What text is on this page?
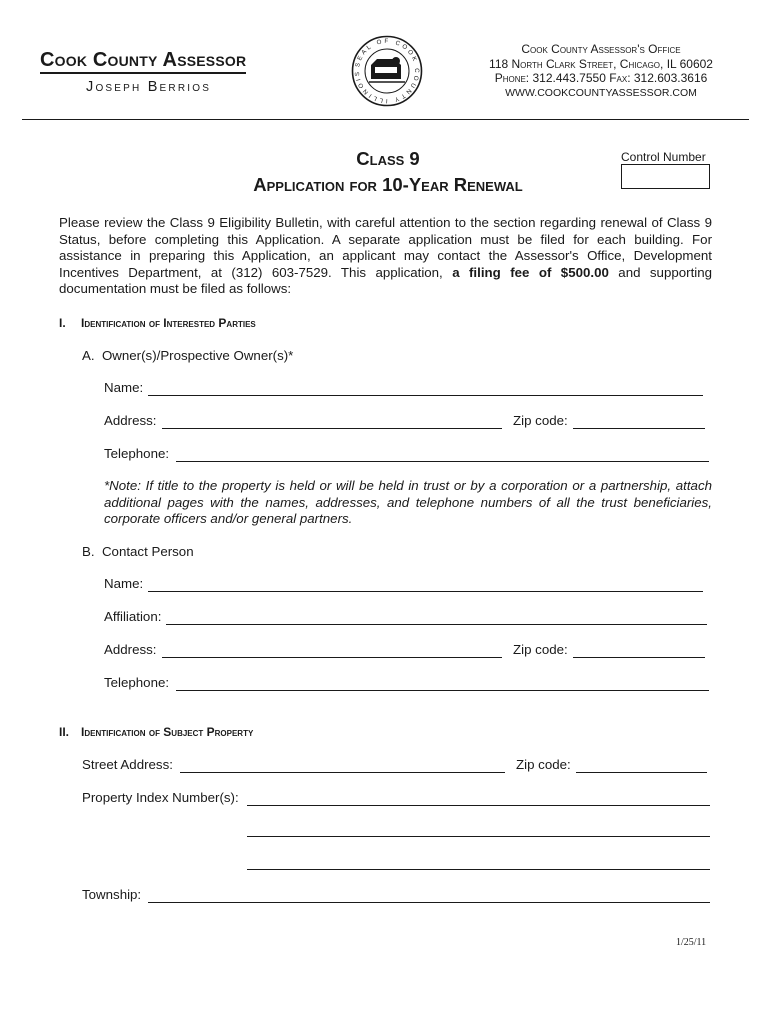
Cook County Assessor
Joseph Berrios
SEAL OF COOK COUNTY ILLINOIS
Cook County Assessor's Office
118 North Clark Street, Chicago, IL 60602
Phone: 312.443.7550 Fax: 312.603.3616
WWW.COOKCOUNTYASSESSOR.COM
Class 9
Application for 10-Year Renewal
Control Number
Please review the Class 9 Eligibility Bulletin, with careful attention to the section regarding renewal of Class 9 Status, before completing this Application. A separate application must be filed for each building. For assistance in preparing this Application, an applicant may contact the Assessor's Office, Development Incentives Department, at (312) 603-7529. This application, a filing fee of $500.00 and supporting documentation must be filed as follows:
I. Identification of Interested Parties
A.  Owner(s)/Prospective Owner(s)*
Name:
Address:	Zip code:
Telephone:
*Note: If title to the property is held or will be held in trust or by a corporation or a partnership, attach additional pages with the names, addresses, and telephone numbers of all the trust beneficiaries, corporate officers and/or general partners.
B.  Contact Person
Name:
Affiliation:
Address:	Zip code:
Telephone:
II. Identification of Subject Property
Street Address:	Zip code:
Property Index Number(s):
Township:
1/25/11
